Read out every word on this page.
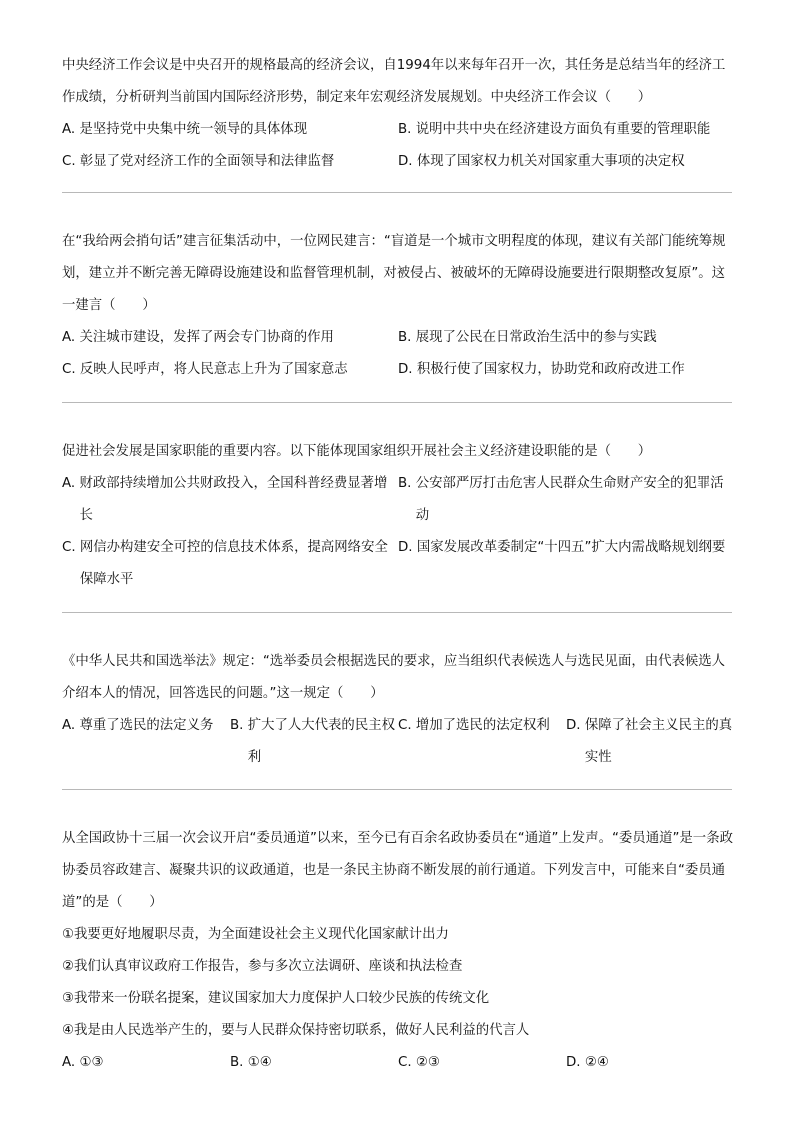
中央经济工作会议是中央召开的规格最高的经济会议，自1994年以来每年召开一次，其任务是总结当年的经济工作成绩，分析研判当前国内国际经济形势，制定来年宏观经济发展规划。中央经济工作会议（　　）

A. 是坚持党中央集中统一领导的具体体现	B. 说明中共中央在经济建设方面负有重要的管理职能
C. 彰显了党对经济工作的全面领导和法律监督	D. 体现了国家权力机关对国家重大事项的决定权

在“我给两会捎句话”建言征集活动中，一位网民建言：“盲道是一个城市文明程度的体现，建议有关部门能统筹规划，建立并不断完善无障碍设施建设和监督管理机制，对被侵占、被破坏的无障碍设施要进行限期整改复原”。这一建言（　　）

A. 关注城市建设，发挥了两会专门协商的作用	B. 展现了公民在日常政治生活中的参与实践
C. 反映人民呼声，将人民意志上升为了国家意志	D. 积极行使了国家权力，协助党和政府改进工作

促进社会发展是国家职能的重要内容。以下能体现国家组织开展社会主义经济建设职能的是（　　）

A. 财政部持续增加公共财政投入，全国科普经费显著增长
B. 公安部严厉打击危害人民群众生命财产安全的犯罪活动
C. 网信办构建安全可控的信息技术体系，提高网络安全保障水平
D. 国家发展改革委制定“十四五”扩大内需战略规划纲要

《中华人民共和国选举法》规定：“选举委员会根据选民的要求，应当组织代表候选人与选民见面，由代表候选人介绍本人的情况，回答选民的问题。”这一规定（　　）

A. 尊重了选民的法定义务	B. 扩大了人大代表的民主权利
C. 增加了选民的法定权利	D. 保障了社会主义民主的真实性

从全国政协十三届一次会议开启“委员通道”以来，至今已有百余名政协委员在“通道”上发声。“委员通道”是一条政协委员容政建言、凝聚共识的议政通道，也是一条民主协商不断发展的前行通道。下列发言中，可能来自“委员通道”的是（　　）

①我要更好地履职尽责，为全面建设社会主义现代化国家献计出力

②我们认真审议政府工作报告，参与多次立法调研、座谈和执法检查

③我带来一份联名提案，建议国家加大力度保护人口较少民族的传统文化

④我是由人民选举产生的，要与人民群众保持密切联系，做好人民利益的代言人

A. ①③	B. ①④	C. ②③	D. ②④
